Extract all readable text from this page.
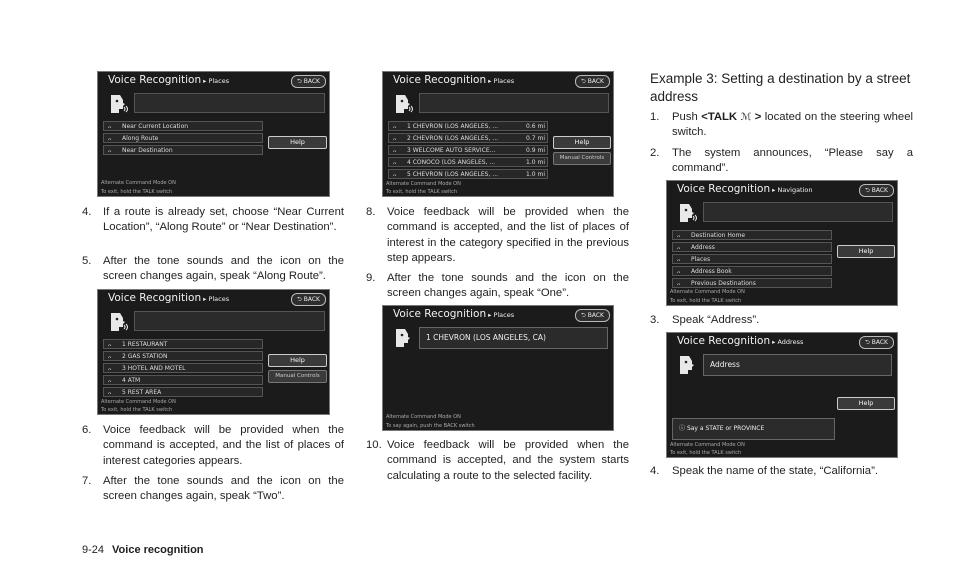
Voice Recognition ▸ Places	⮌ BACK
᎔ Near Current Location
᎔ Along Route
᎔ Near Destination
Help
Alternate Command Mode ON
To exit, hold the TALK switch
4. If a route is already set, choose “Near Current Location”, “Along Route” or “Near Destination”.
5. After the tone sounds and the icon on the screen changes again, speak “Along Route”.
Voice Recognition ▸ Places	⮌ BACK
᎔ 1 RESTAURANT
᎔ 2 GAS STATION
᎔ 3 HOTEL AND MOTEL
᎔ 4 ATM
᎔ 5 REST AREA
Help
Manual Controls
Alternate Command Mode ON
To exit, hold the TALK switch
6. Voice feedback will be provided when the command is accepted, and the list of places of interest categories appears.
7. After the tone sounds and the icon on the screen changes again, speak “Two”.
Voice Recognition ▸ Places	⮌ BACK
᎔ 1 CHEVRON (LOS ANGELES, ...	0.6 mi
᎔ 2 CHEVRON (LOS ANGELES, ...	0.7 mi
᎔ 3 WELCOME AUTO SERVICE...	0.9 mi
᎔ 4 CONOCO (LOS ANGELES, ...	1.0 mi
᎔ 5 CHEVRON (LOS ANGELES, ...	1.0 mi
Help
Manual Controls
Alternate Command Mode ON
To exit, hold the TALK switch
8. Voice feedback will be provided when the command is accepted, and the list of places of interest in the category specified in the previous step appears.
9. After the tone sounds and the icon on the screen changes again, speak “One”.
Voice Recognition ▸ Places	⮌ BACK
1 CHEVRON (LOS ANGELES, CA)
Alternate Command Mode ON
To say again, push the BACK switch
10. Voice feedback will be provided when the command is accepted, and the system starts calculating a route to the selected facility.
Example 3: Setting a destination by a street address
1. Push <TALK ℳ > located on the steering wheel switch.
2. The system announces, “Please say a command”.
Voice Recognition ▸ Navigation	⮌ BACK
᎔ Destination Home
᎔ Address
᎔ Places
᎔ Address Book
᎔ Previous Destinations
Help
Alternate Command Mode ON
To exit, hold the TALK switch
3. Speak “Address”.
Voice Recognition ▸ Address	⮌ BACK
Address
Help
ⓘ Say a STATE or PROVINCE
Alternate Command Mode ON
To exit, hold the TALK switch
4. Speak the name of the state, “California”.
9-24 Voice recognition
